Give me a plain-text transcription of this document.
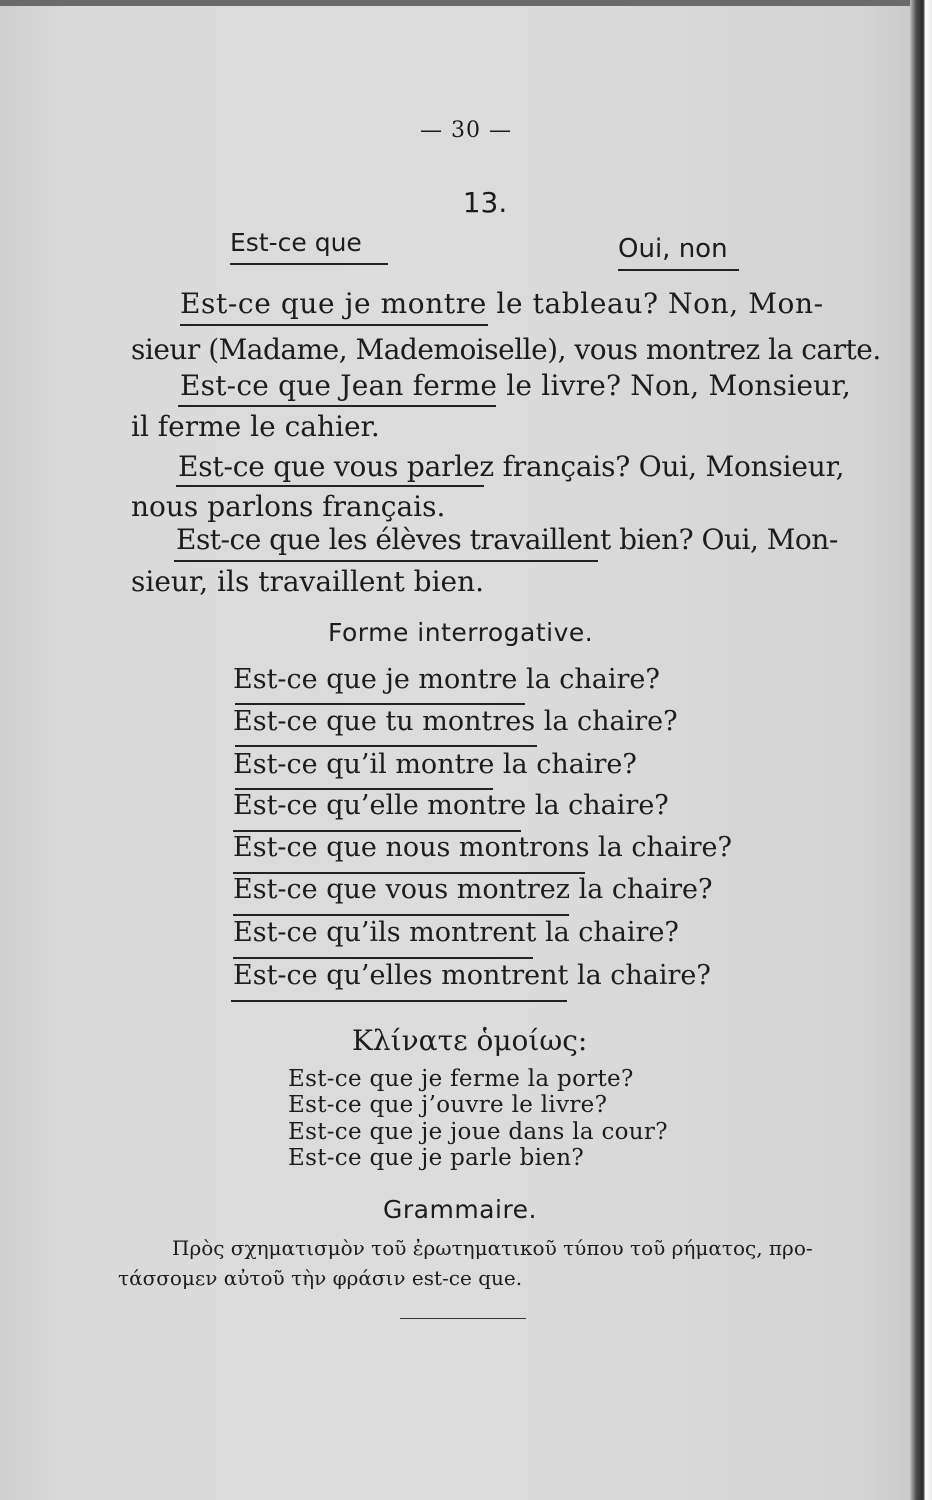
— 30 —
13.
Est-ce que	Oui, non
Est-ce que je montre le tableau? Non, Mon-
sieur (Madame, Mademoiselle), vous montrez la carte.
Est-ce que Jean ferme le livre? Non, Monsieur,
il ferme le cahier.
Est-ce que vous parlez français? Oui, Monsieur,
nous parlons français.
Est-ce que les élèves travaillent bien? Oui, Mon-
sieur, ils travaillent bien.
Forme interrogative.
Est-ce que je montre la chaire?
Est-ce que tu montres la chaire?
Est-ce qu’il montre la chaire?
Est-ce qu’elle montre la chaire?
Est-ce que nous montrons la chaire?
Est-ce que vous montrez la chaire?
Est-ce qu’ils montrent la chaire?
Est-ce qu’elles montrent la chaire?
Κλίνατε ὁμοίως:
Est-ce que je ferme la porte?
Est-ce que j’ouvre le livre?
Est-ce que je joue dans la cour?
Est-ce que je parle bien?
Grammaire.
Πρὸς σχηματισμὸν τοῦ ἐρωτηματικοῦ τύπου τοῦ ρήματος, προ-
τάσσομεν αὐτοῦ τὴν φράσιν est-ce que.
